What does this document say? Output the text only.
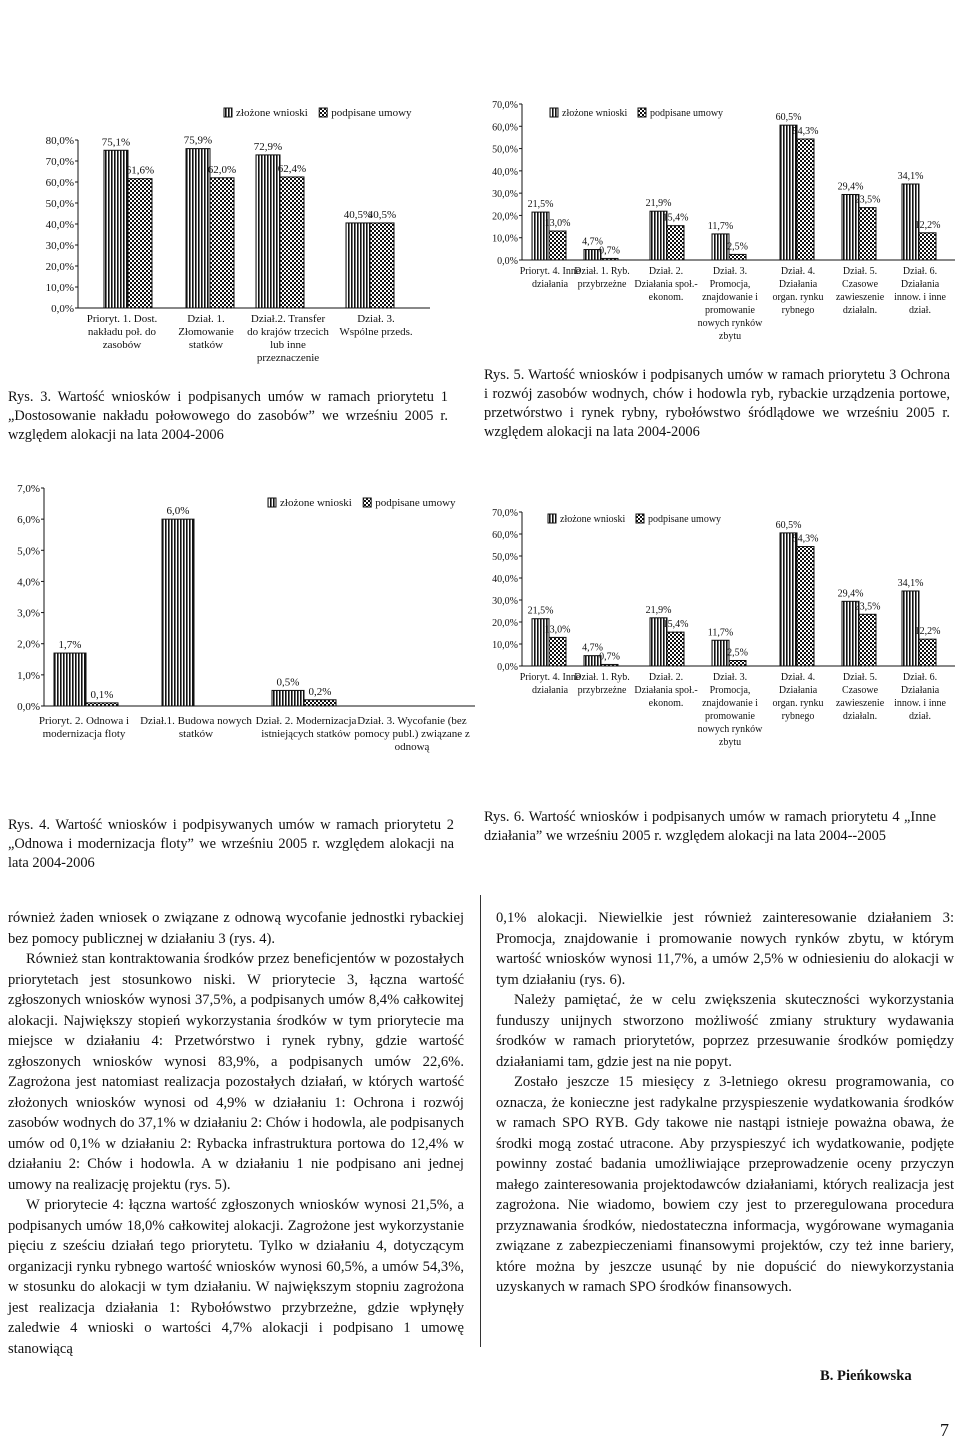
0,0%
10,0%
20,0%
30,0%
40,0%
50,0%
60,0%
70,0%
80,0%	75,1%
61,6%
Prioryt. 1. Dost.
nakładu poł. do
zasobów
75,9%
62,0%
Dział. 1.
Złomowanie
statków
72,9%
62,4%
Dział.2. Transfer
do krajów trzecich
lub inne
przeznaczenie
40,5%
40,5%
Dział. 3.
Wspólne przeds.
złożone wnioski podpisane umowy
0,0%
10,0%
20,0%
30,0%
40,0%
50,0%
60,0%
70,0%
21,5%
13,0%
Prioryt. 4. Inne
działania
4,7%
0,7%
Dział. 1. Ryb.
przybrzeżne
21,9%
15,4%
Dział. 2.
Działania społ.-
ekonom.
11,7%
2,5%
Dział. 3.
Promocja,
znajdowanie i
promowanie
nowych rynków
zbytu
60,5%
54,3%
Dział. 4.
Działania
organ. rynku
rybnego
29,4%
23,5%
Dział. 5.
Czasowe
zawieszenie
działaln.
34,1%
12,2%
Dział. 6.
Działania
innow. i inne
dział.
złożone wnioski podpisane umowy
0,0%
1,0%
2,0%
3,0%
4,0%
5,0%
6,0%
7,0%
1,7%
0,1%
Prioryt. 2. Odnowa i
modernizacja floty
6,0%
Dział.1. Budowa nowych
statków
0,5%
0,2%
Dział. 2. Modernizacja
istniejących statków
Dział. 3. Wycofanie (bez
pomocy publ.) związane z
odnową
złożone wnioski podpisane umowy
0,0%
10,0%
20,0%
30,0%
40,0%
50,0%
60,0%
70,0%
21,5%
13,0%
Prioryt. 4. Inne
działania
4,7%
0,7%
Dział. 1. Ryb.
przybrzeżne
21,9%
15,4%
Dział. 2.
Działania społ.-
ekonom.
11,7%
2,5%
Dział. 3.
Promocja,
znajdowanie i
promowanie
nowych rynków
zbytu
60,5%
54,3%
Dział. 4.
Działania
organ. rynku
rybnego
29,4%
23,5%
Dział. 5.
Czasowe
zawieszenie
działaln.
34,1%
12,2%
Dział. 6.
Działania
innow. i inne
dział.
złożone wnioski podpisane umowy
Rys. 3. Wartość wniosków i podpisanych umów w ramach priorytetu 1 „Dostosowanie nakładu połowowego do zasobów” we wrześniu 2005 r. względem alokacji na lata 2004-2006
Rys. 5. Wartość wniosków i podpisanych umów w ramach priorytetu 3 Ochrona i rozwój zasobów wodnych, chów i hodowla ryb, rybackie urządzenia portowe, przetwórstwo i rynek rybny, rybołówstwo śródlądowe we wrześniu 2005 r. względem alokacji na lata 2004-2006
Rys. 4. Wartość wniosków i podpisywanych umów w ramach priorytetu 2 „Odnowa i modernizacja floty” we wrześniu 2005 r. względem alokacji na lata 2004-2006
Rys. 6. Wartość wniosków i podpisanych umów w ramach priorytetu 4 „Inne działania” we wrześniu 2005 r. względem alokacji na lata 2004--2005

również żaden wniosek o związane z odnową wycofanie jednostki rybackiej bez pomocy publicznej w działaniu 3 (rys. 4).

Również stan kontraktowania środków przez beneficjentów w pozostałych priorytetach jest stosunkowo niski. W priorytecie 3, łączna wartość zgłoszonych wniosków wynosi 37,5%, a podpisanych umów 8,4% całkowitej alokacji. Największy stopień wykorzystania środków w tym priorytecie ma miejsce w działaniu 4: Przetwórstwo i rynek rybny, gdzie wartość zgłoszonych wniosków wynosi 83,9%, a podpisanych umów 22,6%. Zagrożona jest natomiast realizacja pozostałych działań, w których wartość złożonych wniosków wynosi od 4,9% w działaniu 1: Ochrona i rozwój zasobów wodnych do 37,1% w działaniu 2: Chów i hodowla, ale podpisanych umów od 0,1% w działaniu 2: Rybacka infrastruktura portowa do 12,4% w działaniu 2: Chów i hodowla. A w działaniu 1 nie podpisano ani jednej umowy na realizację projektu (rys. 5).

W priorytecie 4: łączna wartość zgłoszonych wniosków wynosi 21,5%, a podpisanych umów 18,0% całkowitej alokacji. Zagrożone jest wykorzystanie pięciu z sześciu działań tego priorytetu. Tylko w działaniu 4, dotyczącym organizacji rynku rybnego wartość wniosków wynosi 60,5%, a umów 54,3%, w stosunku do alokacji w tym działaniu. W największym stopniu zagrożona jest realizacja działania 1: Rybołówstwo przybrzeżne, gdzie wpłynęły zaledwie 4 wnioski o wartości 4,7% alokacji i podpisano 1 umowę stanowiącą

0,1% alokacji. Niewielkie jest również zainteresowanie działaniem 3: Promocja, znajdowanie i promowanie nowych rynków zbytu, w którym wartość wniosków wynosi 11,7%, a umów 2,5% w odniesieniu do alokacji w tym działaniu (rys. 6).

Należy pamiętać, że w celu zwiększenia skuteczności wykorzystania funduszy unijnych stworzono możliwość zmiany struktury wydawania środków w ramach priorytetów, poprzez przesuwanie środków pomiędzy działaniami tam, gdzie jest na nie popyt.

Zostało jeszcze 15 miesięcy z 3-letniego okresu programowania, co oznacza, że konieczne jest radykalne przyspieszenie wydatkowania środków w ramach SPO RYB. Gdy takowe nie nastąpi istnieje poważna obawa, że środki mogą zostać utracone. Aby przyspieszyć ich wydatkowanie, podjęte powinny zostać badania umożliwiające przeprowadzenie oceny przyczyn małego zainteresowania projektodawców działaniami, których realizacja jest zagrożona. Nie wiadomo, bowiem czy jest to przeregulowana procedura przyznawania środków, niedostateczna informacja, wygórowane wymagania związane z zabezpieczeniami finansowymi projektów, czy też inne bariery, które można by jeszcze usunąć by nie dopuścić do niewykorzystania uzyskanych w ramach SPO środków finansowych.

B. Pieńkowska
7
